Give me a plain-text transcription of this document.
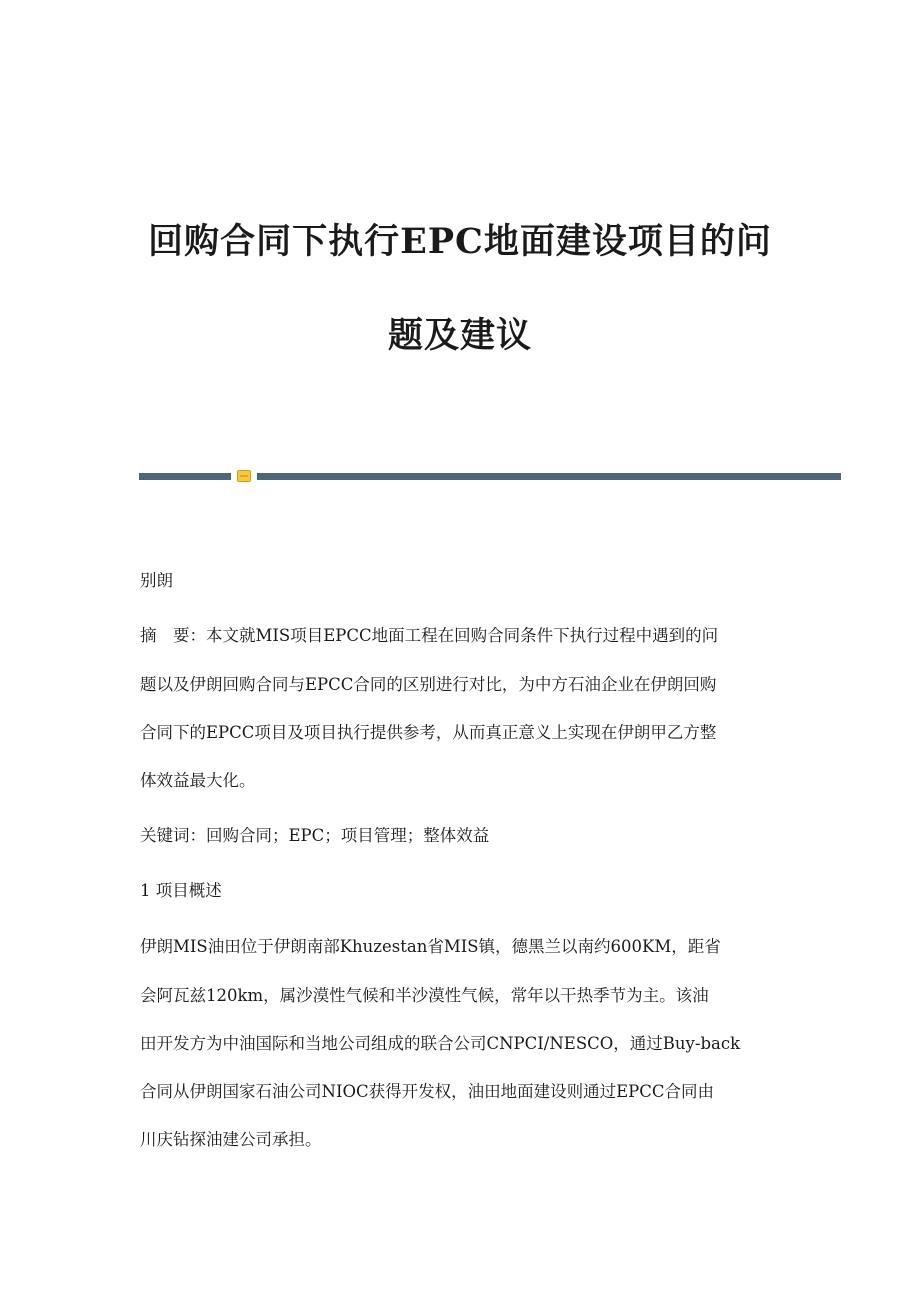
回购合同下执行EPC地面建设项目的问
题及建议
别朗
摘　要：本文就MIS项目EPCC地面工程在回购合同条件下执行过程中遇到的问
题以及伊朗回购合同与EPCC合同的区别进行对比，为中方石油企业在伊朗回购
合同下的EPCC项目及项目执行提供参考，从而真正意义上实现在伊朗甲乙方整
体效益最大化。
关键词：回购合同；EPC；项目管理；整体效益
1 项目概述
伊朗MIS油田位于伊朗南部Khuzestan省MIS镇，德黑兰以南约600KM，距省
会阿瓦兹120km，属沙漠性气候和半沙漠性气候，常年以干热季节为主。该油
田开发方为中油国际和当地公司组成的联合公司CNPCI/NESCO，通过Buy-back
合同从伊朗国家石油公司NIOC获得开发权，油田地面建设则通过EPCC合同由
川庆钻探油建公司承担。
